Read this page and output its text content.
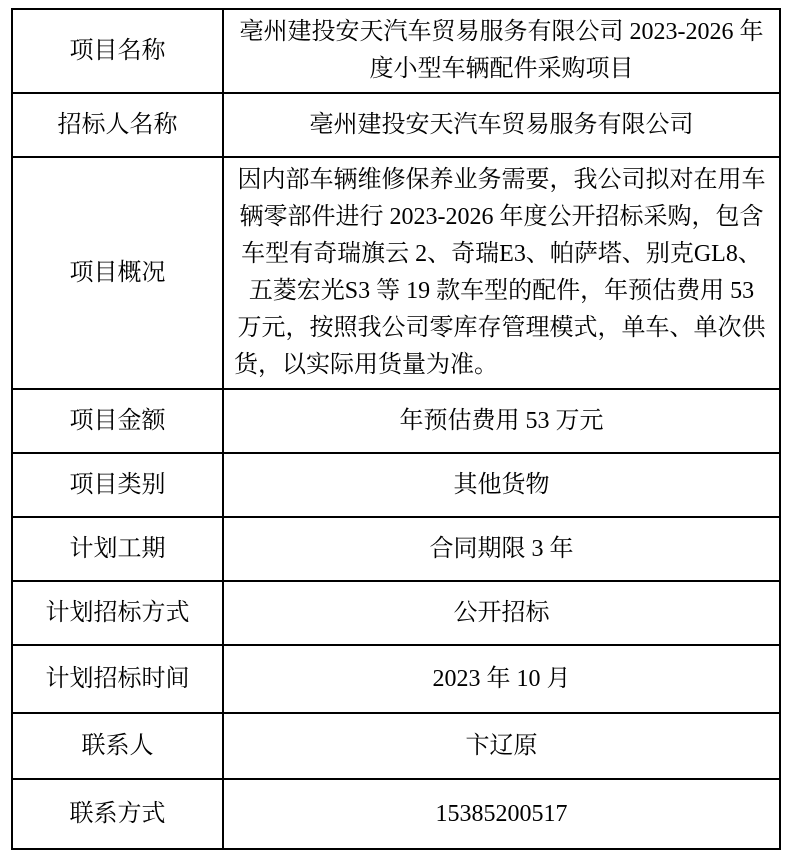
项目名称	亳州建投安天汽车贸易服务有限公司 2023-2026 年度小型车辆配件采购项目
招标人名称	亳州建投安天汽车贸易服务有限公司
项目概况	因内部车辆维修保养业务需要，我公司拟对在用车辆零部件进行 2023-2026 年度公开招标采购，包含车型有奇瑞旗云 2、奇瑞E3、帕萨塔、别克GL8、五菱宏光S3 等 19 款车型的配件，年预估费用 53 万元，按照我公司零库存管理模式，单车、单次供货，以实际用货量为准。
项目金额	年预估费用 53 万元
项目类别	其他货物
计划工期	合同期限 3 年
计划招标方式	公开招标
计划招标时间	2023 年 10 月
联系人	卞辽原
联系方式	15385200517
